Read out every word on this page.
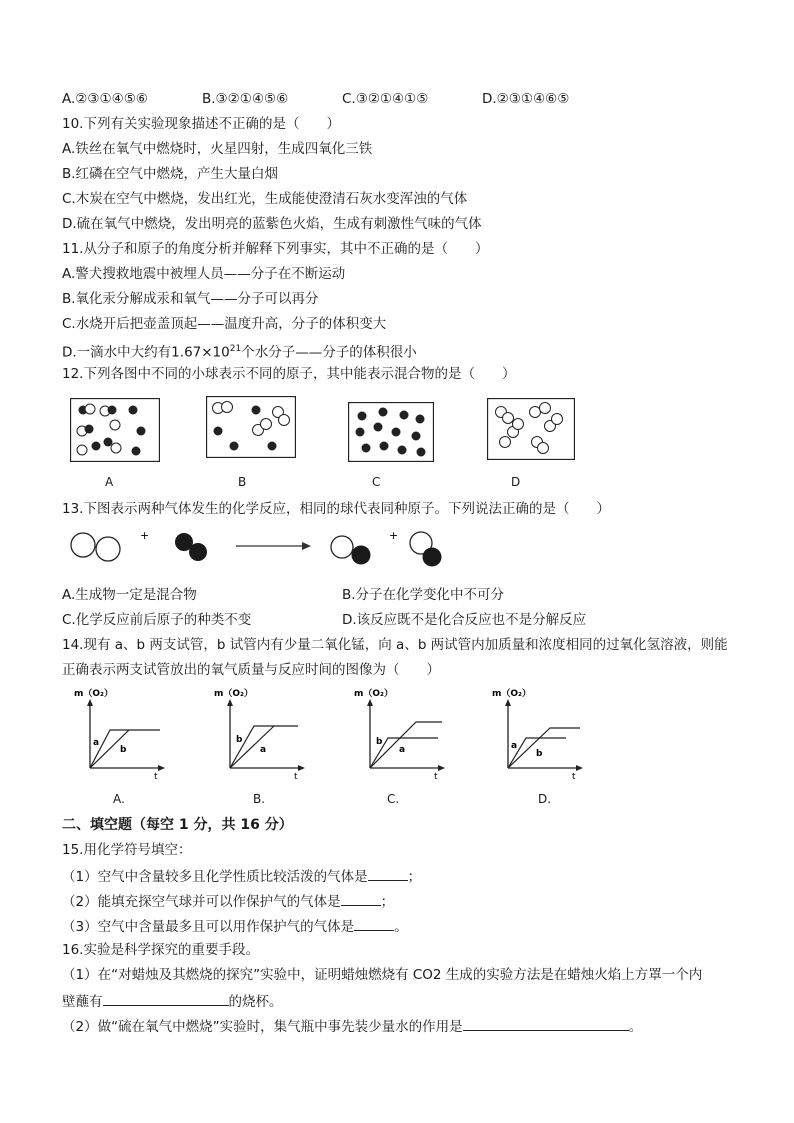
A.②③①④⑤⑥	B.③②①④⑤⑥	C.③②①④①⑤	D.②③①④⑥⑤
10.下列有关实验现象描述不正确的是（　　）
A.铁丝在氧气中燃烧时，火星四射，生成四氧化三铁
B.红磷在空气中燃烧，产生大量白烟
C.木炭在空气中燃烧，发出红光，生成能使澄清石灰水变浑浊的气体
D.硫在氧气中燃烧，发出明亮的蓝紫色火焰，生成有刺激性气味的气体
11.从分子和原子的角度分析并解释下列事实，其中不正确的是（　　）
A.警犬搜救地震中被埋人员——分子在不断运动
B.氧化汞分解成汞和氧气——分子可以再分
C.水烧开后把壶盖顶起——温度升高，分子的体积变大
D.一滴水中大约有$1.67\times 10^{21}$个水分子——分子的体积很小
12.下列各图中不同的小球表示不同的原子，其中能表示混合物的是（　　）
A	B	C	D
13.下图表示两种气体发生的化学反应，相同的球代表同种原子。下列说法正确的是（　　）
+	+
A.生成物一定是混合物	B.分子在化学变化中不可分
C.化学反应前后原子的种类不变	D.该反应既不是化合反应也不是分解反应
14.现有 a、b 两支试管，b 试管内有少量二氧化锰，向 a、b 两试管内加质量和浓度相同的过氧化氢溶液，则能
正确表示两支试管放出的氧气质量与反应时间的图像为（　　）
m（O₂）
t
a
b
A.
m（O₂）
t
b
a
B.
m（O₂）
t
b
a
C.
m（O₂）
t
a
b
D.
二、填空题（每空 1 分，共 16 分）
15.用化学符号填空：
（1）空气中含量较多且化学性质比较活泼的气体是	；
（2）能填充探空气球并可以作保护气的气体是	；
（3）空气中含量最多且可以用作保护气的气体是	。
16.实验是科学探究的重要手段。
（1）在“对蜡烛及其燃烧的探究”实验中，证明蜡烛燃烧有 CO2 生成的实验方法是在蜡烛火焰上方罩一个内
壁蘸有	的烧杯。
（2）做“硫在氧气中燃烧”实验时，集气瓶中事先装少量水的作用是	。
